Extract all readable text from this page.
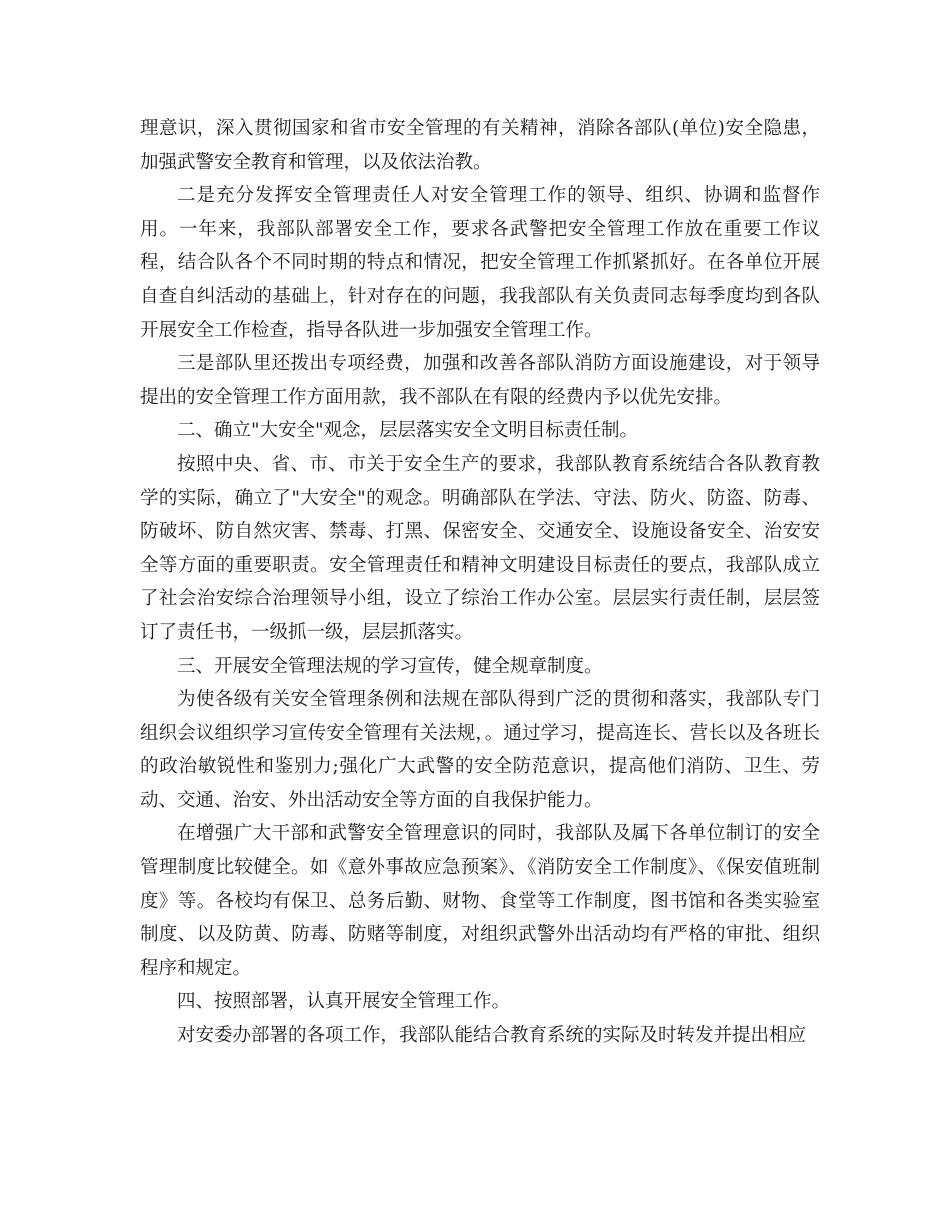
理意识，深入贯彻国家和省市安全管理的有关精神，消除各部队(单位)安全隐患，加强武警安全教育和管理，以及依法治教。

二是充分发挥安全管理责任人对安全管理工作的领导、组织、协调和监督作用。一年来，我部队部署安全工作，要求各武警把安全管理工作放在重要工作议程，结合队各个不同时期的特点和情况，把安全管理工作抓紧抓好。在各单位开展自查自纠活动的基础上，针对存在的问题，我我部队有关负责同志每季度均到各队开展安全工作检查，指导各队进一步加强安全管理工作。

三是部队里还拨出专项经费，加强和改善各部队消防方面设施建设，对于领导提出的安全管理工作方面用款，我不部队在有限的经费内予以优先安排。

二、确立"大安全"观念，层层落实安全文明目标责任制。

按照中央、省、市、市关于安全生产的要求，我部队教育系统结合各队教育教学的实际，确立了"大安全"的观念。明确部队在学法、守法、防火、防盗、防毒、防破坏、防自然灾害、禁毒、打黑、保密安全、交通安全、设施设备安全、治安安全等方面的重要职责。安全管理责任和精神文明建设目标责任的要点，我部队成立了社会治安综合治理领导小组，设立了综治工作办公室。层层实行责任制，层层签订了责任书，一级抓一级，层层抓落实。

三、开展安全管理法规的学习宣传，健全规章制度。

为使各级有关安全管理条例和法规在部队得到广泛的贯彻和落实，我部队专门组织会议组织学习宣传安全管理有关法规，。通过学习，提高连长、营长以及各班长的政治敏锐性和鉴别力;强化广大武警的安全防范意识，提高他们消防、卫生、劳动、交通、治安、外出活动安全等方面的自我保护能力。

在增强广大干部和武警安全管理意识的同时，我部队及属下各单位制订的安全管理制度比较健全。如《意外事故应急预案》、《消防安全工作制度》、《保安值班制度》等。各校均有保卫、总务后勤、财物、食堂等工作制度，图书馆和各类实验室制度、以及防黄、防毒、防赌等制度，对组织武警外出活动均有严格的审批、组织程序和规定。

四、按照部署，认真开展安全管理工作。

对安委办部署的各项工作，我部队能结合教育系统的实际及时转发并提出相应
